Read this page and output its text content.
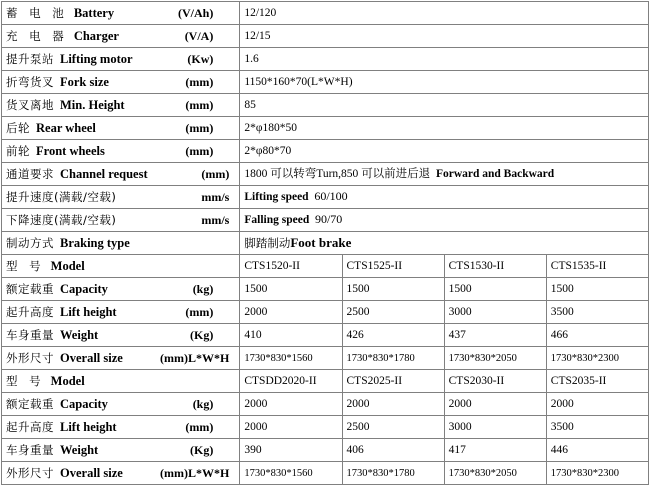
蓄 电 池 Battery (V/Ah)	12/120			

充 电 器 Charger (V/A)	12/15			

提升泵站 Lifting motor (Kw)	1.6			

折弯货叉 Fork size (mm)	1150*160*70(L*W*H)			

货叉离地 Min. Height (mm)	85			

后轮 Rear wheel (mm)	2*φ180*50			

前轮 Front wheels (mm)	2*φ80*70			

通道要求 Channel request (mm)	1800 可以转弯Turn,850 可以前进后退 Forward and Backward			

提升速度(满载/空载) mm/s	Lifting speed 60/100			

下降速度(满载/空载) mm/s	Falling speed 90/70			

制动方式 Braking type	脚踏制动Foot brake			

型 号 Model	CTS1520-II	CTS1525-II	CTS1530-II	CTS1535-II

额定载重 Capacity (kg)	1500	1500	1500	1500

起升高度 Lift height (mm)	2000	2500	3000	3500

车身重量 Weight (Kg)	410	426	437	466

外形尺寸 Overall size (mm)L*W*H	1730*830*1560	1730*830*1780	1730*830*2050	1730*830*2300

型 号 Model	CTSDD2020-II	CTS2025-II	CTS2030-II	CTS2035-II

额定载重 Capacity (kg)	2000	2000	2000	2000

起升高度 Lift height (mm)	2000	2500	3000	3500

车身重量 Weight (Kg)	390	406	417	446

外形尺寸 Overall size (mm)L*W*H	1730*830*1560	1730*830*1780	1730*830*2050	1730*830*2300
